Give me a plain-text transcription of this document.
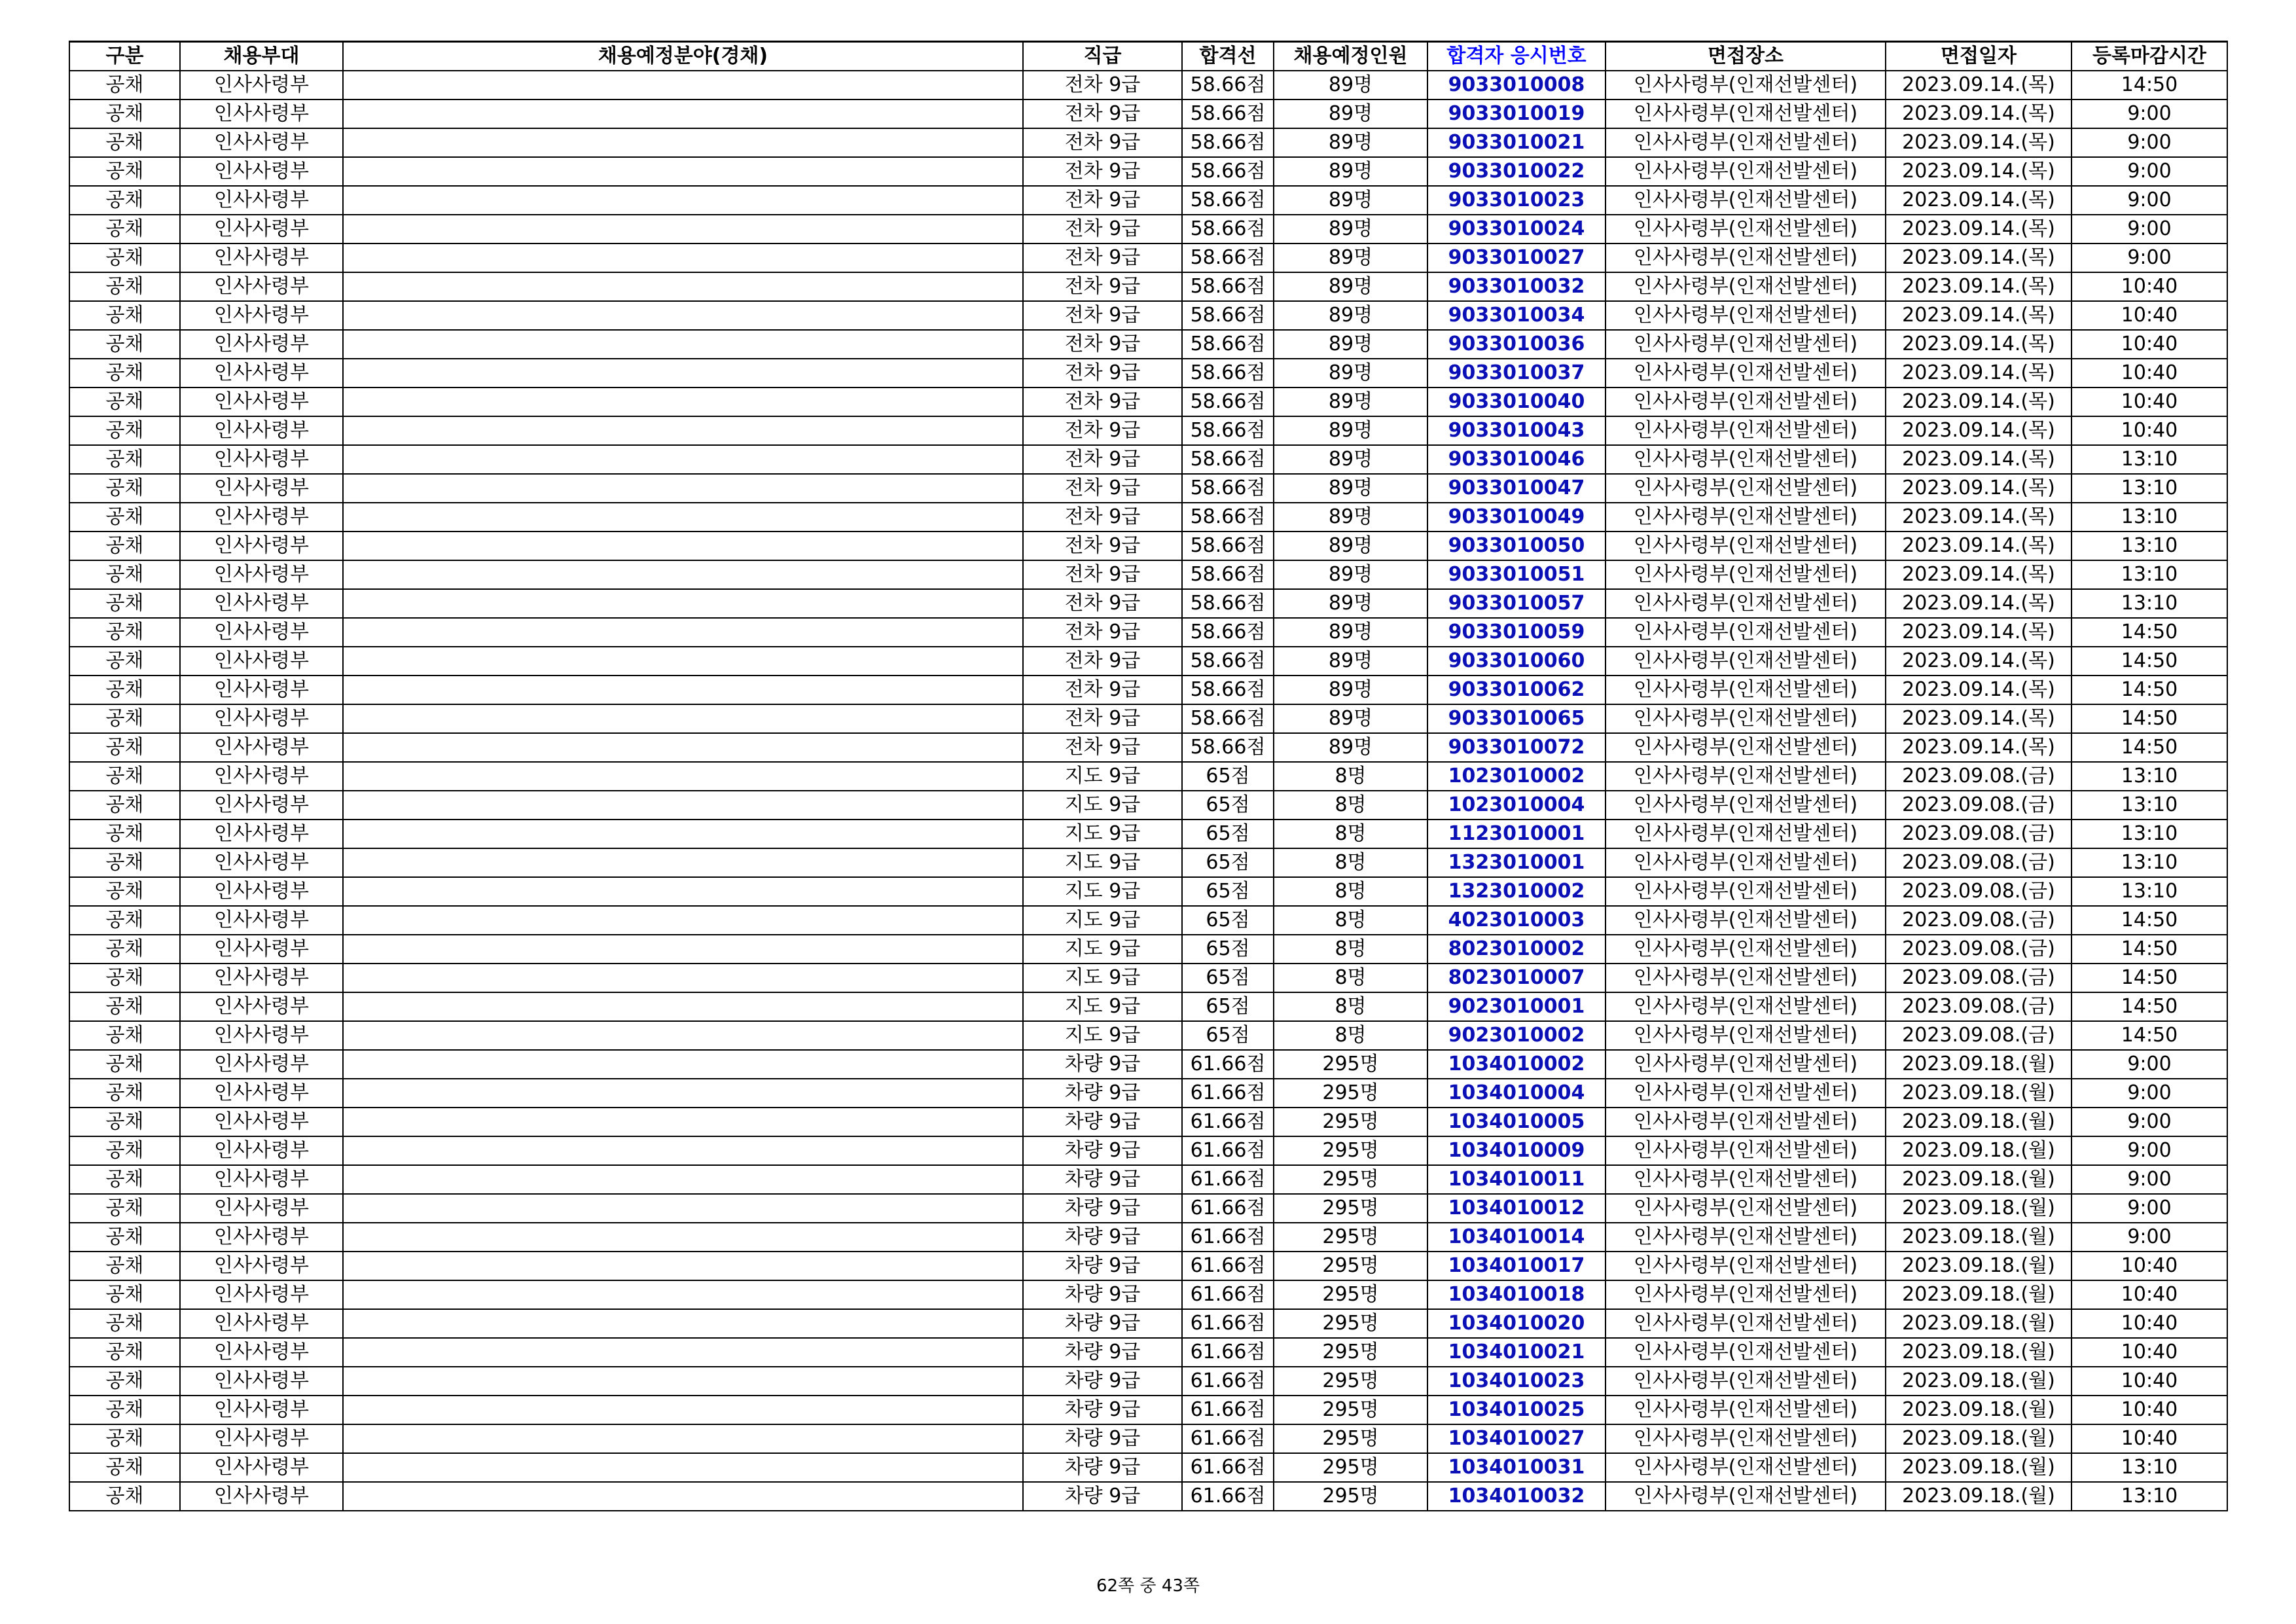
구분	채용부대	채용예정분야(경채)	직급	합격선	채용예정인원	합격자 응시번호	면접장소	면접일자	등록마감시간
공채	인사사령부		전차 9급	58.66점	89명	9033010008	인사사령부(인재선발센터)	2023.09.14.(목)	14:50
공채	인사사령부		전차 9급	58.66점	89명	9033010019	인사사령부(인재선발센터)	2023.09.14.(목)	9:00
공채	인사사령부		전차 9급	58.66점	89명	9033010021	인사사령부(인재선발센터)	2023.09.14.(목)	9:00
공채	인사사령부		전차 9급	58.66점	89명	9033010022	인사사령부(인재선발센터)	2023.09.14.(목)	9:00
공채	인사사령부		전차 9급	58.66점	89명	9033010023	인사사령부(인재선발센터)	2023.09.14.(목)	9:00
공채	인사사령부		전차 9급	58.66점	89명	9033010024	인사사령부(인재선발센터)	2023.09.14.(목)	9:00
공채	인사사령부		전차 9급	58.66점	89명	9033010027	인사사령부(인재선발센터)	2023.09.14.(목)	9:00
공채	인사사령부		전차 9급	58.66점	89명	9033010032	인사사령부(인재선발센터)	2023.09.14.(목)	10:40
공채	인사사령부		전차 9급	58.66점	89명	9033010034	인사사령부(인재선발센터)	2023.09.14.(목)	10:40
공채	인사사령부		전차 9급	58.66점	89명	9033010036	인사사령부(인재선발센터)	2023.09.14.(목)	10:40
공채	인사사령부		전차 9급	58.66점	89명	9033010037	인사사령부(인재선발센터)	2023.09.14.(목)	10:40
공채	인사사령부		전차 9급	58.66점	89명	9033010040	인사사령부(인재선발센터)	2023.09.14.(목)	10:40
공채	인사사령부		전차 9급	58.66점	89명	9033010043	인사사령부(인재선발센터)	2023.09.14.(목)	10:40
공채	인사사령부		전차 9급	58.66점	89명	9033010046	인사사령부(인재선발센터)	2023.09.14.(목)	13:10
공채	인사사령부		전차 9급	58.66점	89명	9033010047	인사사령부(인재선발센터)	2023.09.14.(목)	13:10
공채	인사사령부		전차 9급	58.66점	89명	9033010049	인사사령부(인재선발센터)	2023.09.14.(목)	13:10
공채	인사사령부		전차 9급	58.66점	89명	9033010050	인사사령부(인재선발센터)	2023.09.14.(목)	13:10
공채	인사사령부		전차 9급	58.66점	89명	9033010051	인사사령부(인재선발센터)	2023.09.14.(목)	13:10
공채	인사사령부		전차 9급	58.66점	89명	9033010057	인사사령부(인재선발센터)	2023.09.14.(목)	13:10
공채	인사사령부		전차 9급	58.66점	89명	9033010059	인사사령부(인재선발센터)	2023.09.14.(목)	14:50
공채	인사사령부		전차 9급	58.66점	89명	9033010060	인사사령부(인재선발센터)	2023.09.14.(목)	14:50
공채	인사사령부		전차 9급	58.66점	89명	9033010062	인사사령부(인재선발센터)	2023.09.14.(목)	14:50
공채	인사사령부		전차 9급	58.66점	89명	9033010065	인사사령부(인재선발센터)	2023.09.14.(목)	14:50
공채	인사사령부		전차 9급	58.66점	89명	9033010072	인사사령부(인재선발센터)	2023.09.14.(목)	14:50
공채	인사사령부		지도 9급	65점	8명	1023010002	인사사령부(인재선발센터)	2023.09.08.(금)	13:10
공채	인사사령부		지도 9급	65점	8명	1023010004	인사사령부(인재선발센터)	2023.09.08.(금)	13:10
공채	인사사령부		지도 9급	65점	8명	1123010001	인사사령부(인재선발센터)	2023.09.08.(금)	13:10
공채	인사사령부		지도 9급	65점	8명	1323010001	인사사령부(인재선발센터)	2023.09.08.(금)	13:10
공채	인사사령부		지도 9급	65점	8명	1323010002	인사사령부(인재선발센터)	2023.09.08.(금)	13:10
공채	인사사령부		지도 9급	65점	8명	4023010003	인사사령부(인재선발센터)	2023.09.08.(금)	14:50
공채	인사사령부		지도 9급	65점	8명	8023010002	인사사령부(인재선발센터)	2023.09.08.(금)	14:50
공채	인사사령부		지도 9급	65점	8명	8023010007	인사사령부(인재선발센터)	2023.09.08.(금)	14:50
공채	인사사령부		지도 9급	65점	8명	9023010001	인사사령부(인재선발센터)	2023.09.08.(금)	14:50
공채	인사사령부		지도 9급	65점	8명	9023010002	인사사령부(인재선발센터)	2023.09.08.(금)	14:50
공채	인사사령부		차량 9급	61.66점	295명	1034010002	인사사령부(인재선발센터)	2023.09.18.(월)	9:00
공채	인사사령부		차량 9급	61.66점	295명	1034010004	인사사령부(인재선발센터)	2023.09.18.(월)	9:00
공채	인사사령부		차량 9급	61.66점	295명	1034010005	인사사령부(인재선발센터)	2023.09.18.(월)	9:00
공채	인사사령부		차량 9급	61.66점	295명	1034010009	인사사령부(인재선발센터)	2023.09.18.(월)	9:00
공채	인사사령부		차량 9급	61.66점	295명	1034010011	인사사령부(인재선발센터)	2023.09.18.(월)	9:00
공채	인사사령부		차량 9급	61.66점	295명	1034010012	인사사령부(인재선발센터)	2023.09.18.(월)	9:00
공채	인사사령부		차량 9급	61.66점	295명	1034010014	인사사령부(인재선발센터)	2023.09.18.(월)	9:00
공채	인사사령부		차량 9급	61.66점	295명	1034010017	인사사령부(인재선발센터)	2023.09.18.(월)	10:40
공채	인사사령부		차량 9급	61.66점	295명	1034010018	인사사령부(인재선발센터)	2023.09.18.(월)	10:40
공채	인사사령부		차량 9급	61.66점	295명	1034010020	인사사령부(인재선발센터)	2023.09.18.(월)	10:40
공채	인사사령부		차량 9급	61.66점	295명	1034010021	인사사령부(인재선발센터)	2023.09.18.(월)	10:40
공채	인사사령부		차량 9급	61.66점	295명	1034010023	인사사령부(인재선발센터)	2023.09.18.(월)	10:40
공채	인사사령부		차량 9급	61.66점	295명	1034010025	인사사령부(인재선발센터)	2023.09.18.(월)	10:40
공채	인사사령부		차량 9급	61.66점	295명	1034010027	인사사령부(인재선발센터)	2023.09.18.(월)	10:40
공채	인사사령부		차량 9급	61.66점	295명	1034010031	인사사령부(인재선발센터)	2023.09.18.(월)	13:10
공채	인사사령부		차량 9급	61.66점	295명	1034010032	인사사령부(인재선발센터)	2023.09.18.(월)	13:10
62쪽 중 43쪽
